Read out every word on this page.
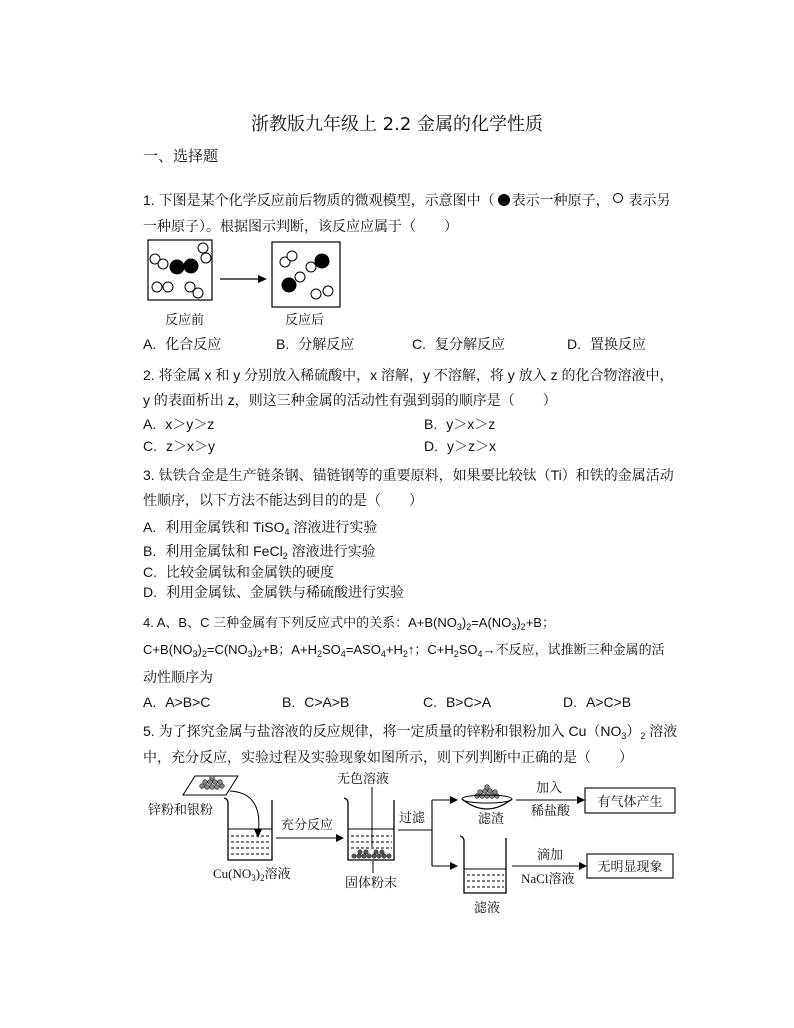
浙教版九年级上 2.2 金属的化学性质
一、选择题
1. 下图是某个化学反应前后物质的微观模型，示意图中（ 表示一种原子， 表示另
一种原子）。根据图示判断，该反应应属于（　　）
反应前	反应后
A. 化合反应	B. 分解反应	C. 复分解反应	D. 置换反应
2. 将金属 x 和 y 分别放入稀硫酸中，x 溶解，y 不溶解，将 y 放入 z 的化合物溶液中，
y 的表面析出 z，则这三种金属的活动性有强到弱的顺序是（　　）
A. x＞y＞z	B. y＞x＞z
C. z＞x＞y	D. y＞z＞x
3. 钛铁合金是生产链条钢、锚链钢等的重要原料，如果要比较钛（Ti）和铁的金属活动
性顺序，以下方法不能达到目的的是（　　）
A. 利用金属铁和 TiSO$_4$ 溶液进行实验
B. 利用金属钛和 FeCl$_2$ 溶液进行实验
C. 比较金属钛和金属铁的硬度
D. 利用金属钛、金属铁与稀硫酸进行实验
4. A、B、C 三种金属有下列反应式中的关系：$A+B(NO_3)_2=A(NO_3)_2+B$；
$C+B(NO_3)_2=C(NO_3)_2+B$；$A+H_2SO_4=ASO_4+H_2↑$；$C+H_2SO_4\to$不反应，试推断三种金属的活
动性顺序为
A. A>B>C	B. C>A>B	C. B>C>A	D. A>C>B
5. 为了探究金属与盐溶液的反应规律，将一定质量的锌粉和银粉加入 $Cu(NO_3)_2$ 溶液
中，充分反应，实验过程及实验现象如图所示，则下列判断中正确的是（　　）
锌粉和银粉
$Cu(NO_3)_2$溶液
充分反应
无色溶液
固体粉末
过滤	滤渣
加入
稀盐酸
有气体产生
滤液
滴加
NaCl溶液
无明显现象
